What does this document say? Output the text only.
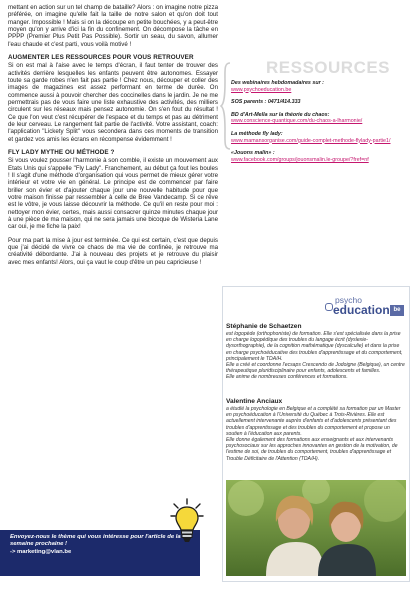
mettant en action sur un tel champ de bataille? Alors : on imagine notre pizza préférée, on imagine qu'elle fait la taille de notre salon et qu'on doit tout manger. Impossible ! Mais si on la découpe en petite bouchées, y a peut-être moyen qu'on y arrive d'ici la fin du confinement. On décompose la tâche en PPPP (Premier Plus Petit Pas Possible). Sortir un seau, du savon, allumer l'eau chaude et c'est parti, vous voilà motivé !

AUGMENTER LES RESSOURCES POUR VOUS RETROUVER

Si on est mal à l'aise avec le temps d'écran, il faut tenter de trouver des activités derrière lesquelles les enfants peuvent être autonomes. Essayer toute sa garde robes n'en fait pas partie ! Chez nous, découper et coller des images de magazines est assez performant en terme de durée. On commence aussi à pouvoir chercher des coccinelles dans le jardin. Je ne me permettrais pas de vous faire une liste exhaustive des activités, des milliers circulent sur les réseaux mais pensez autonomie. On s'en fout du résultat ! Ce que l'on veut c'est récupérer de l'espace et du temps et pas au détriment de leur cerveau. Le rangement fait partie de l'activité. Votre assistant, coach: l'application "Lickety Split" vous secondera dans ces moments de transition et gardez vos amis les écrans en récompense évidemment !

FLY LADY MYTHE OU MÉTHODE ?

Si vous voulez pousser l'harmonie à son comble, il existe un mouvement aux Etats Unis qui s'appelle "Fly Lady". Franchement, au début ça fout les boules ! Il s'agit d'une méthode d'organisation qui vous permet de mieux gérer votre intérieur et votre vie en général. Le principe est de commencer par faire briller son évier et d'ajouter chaque jour une nouvelle habitude pour que votre maison finisse par ressembler à celle de Bree Vandecamp. Si ce rêve est le vôtre, je vous laisse découvrir la méthode. Ce qu'il en reste pour moi : nettoyer mon évier, certes, mais aussi consacrer quinze minutes chaque jour à une pièce de ma maison, qui ne sera jamais une bicoque de Wisteria Lane car oui, je me fiche la paix!

Pour ma part la mise à jour est terminée. Ce qui est certain, c'est que depuis que j'ai décidé de vivre ce chaos de ma vie de confinée, je retrouve ma créativité débordante. J'ai à nouveau des projets et je retrouve du plaisir avec mes enfants! Alors, oui ça vaut le coup d'être un peu capricieuse !

Envoyez-nous le thème qui vous intéresse pour l'article de la semaine prochaine !
-> marketing@vlan.be
RESSOURCES
Des webinaires hebdomadaires sur :
www.psychoeducation.be
SOS parents : 0471/414.333
BD d'Art-Mella sur la théorie du chaos:
www.conscience-quantique.com/du-chaos-a-lharmonie/
La méthode fly lady:
www.mamansorganise.com/guide-complet-methode-flylady-partie1/
«Jouons malin» :
www.facebook.com/groups/jouonsmalin.le-groupe/?fref=nf
psycho
education be
Stéphanie de Schaetzen
est logopède (orthophoniste) de formation. Elle s'est spécialisée dans la prise en charge logopédique des troubles du langage écrit (dyslexie-dysorthographie), de la cognition mathématique (dyscalculie) et dans la prise en charge psychoéducative des troubles d'apprentissage et du comportement, principalement le TDA/H.
Elle a créé et coordonne l'ecsaps Crescendo de Jodoigne (Belgique), un centre thérapeutique pluridisciplinaire pour enfants, adolescents et familles.
Elle anime de nombreuses conférences et formations.
Valentine Anciaux
a étudié la psychologie en Belgique et a complété sa formation par un Master en psychoéducation à l'Université du Québec à Trois-Rivières. Elle est actuellement intervenante auprès d'enfants et d'adolescents présentant des troubles d'apprentissage et des troubles du comportement et propose un soutien à l'éducation aux parents.
Elle donne également des formations aux enseignants et aux intervenants psychosociaux sur les approches innovantes en gestion de la motivation, de l'estime de soi, de troubles du comportement, troubles d'apprentissage et Trouble Déficitaire de l'Attention (TDA/H).
